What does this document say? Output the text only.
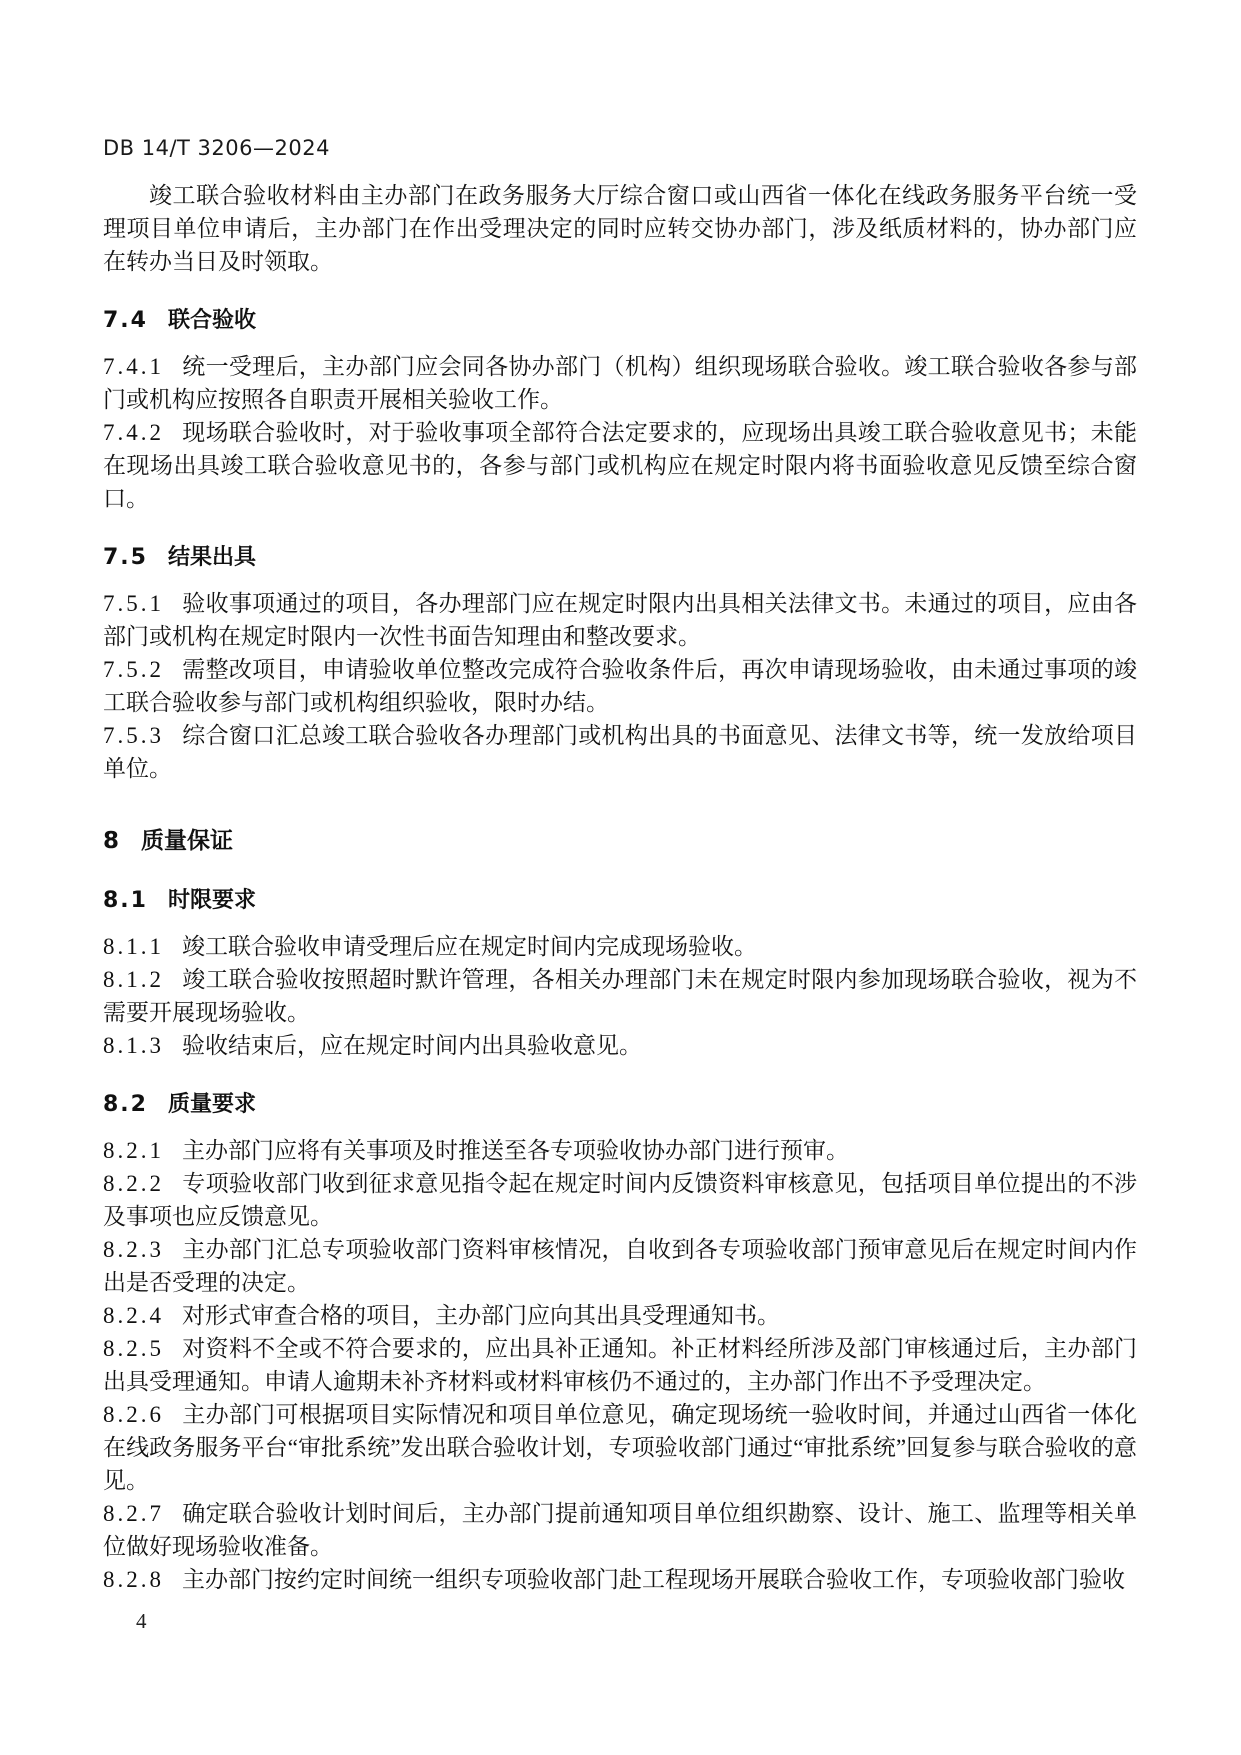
DB 14/T 3206—2024

竣工联合验收材料由主办部门在政务服务大厅综合窗口或山西省一体化在线政务服务平台统一受理项目单位申请后，主办部门在作出受理决定的同时应转交协办部门，涉及纸质材料的，协办部门应在转办当日及时领取。

7.4 联合验收

7.4.1 统一受理后，主办部门应会同各协办部门（机构）组织现场联合验收。竣工联合验收各参与部门或机构应按照各自职责开展相关验收工作。

7.4.2 现场联合验收时，对于验收事项全部符合法定要求的，应现场出具竣工联合验收意见书；未能在现场出具竣工联合验收意见书的，各参与部门或机构应在规定时限内将书面验收意见反馈至综合窗口。

7.5 结果出具

7.5.1 验收事项通过的项目，各办理部门应在规定时限内出具相关法律文书。未通过的项目，应由各部门或机构在规定时限内一次性书面告知理由和整改要求。

7.5.2 需整改项目，申请验收单位整改完成符合验收条件后，再次申请现场验收，由未通过事项的竣工联合验收参与部门或机构组织验收，限时办结。

7.5.3 综合窗口汇总竣工联合验收各办理部门或机构出具的书面意见、法律文书等，统一发放给项目单位。

8 质量保证
8.1 时限要求

8.1.1 竣工联合验收申请受理后应在规定时间内完成现场验收。

8.1.2 竣工联合验收按照超时默许管理，各相关办理部门未在规定时限内参加现场联合验收，视为不需要开展现场验收。

8.1.3 验收结束后，应在规定时间内出具验收意见。

8.2 质量要求

8.2.1 主办部门应将有关事项及时推送至各专项验收协办部门进行预审。

8.2.2 专项验收部门收到征求意见指令起在规定时间内反馈资料审核意见，包括项目单位提出的不涉及事项也应反馈意见。

8.2.3 主办部门汇总专项验收部门资料审核情况，自收到各专项验收部门预审意见后在规定时间内作出是否受理的决定。

8.2.4 对形式审查合格的项目，主办部门应向其出具受理通知书。

8.2.5 对资料不全或不符合要求的，应出具补正通知。补正材料经所涉及部门审核通过后，主办部门出具受理通知。申请人逾期未补齐材料或材料审核仍不通过的，主办部门作出不予受理决定。

8.2.6 主办部门可根据项目实际情况和项目单位意见，确定现场统一验收时间，并通过山西省一体化在线政务服务平台“审批系统”发出联合验收计划，专项验收部门通过“审批系统”回复参与联合验收的意见。

8.2.7 确定联合验收计划时间后，主办部门提前通知项目单位组织勘察、设计、施工、监理等相关单位做好现场验收准备。

8.2.8 主办部门按约定时间统一组织专项验收部门赴工程现场开展联合验收工作，专项验收部门验收

4
